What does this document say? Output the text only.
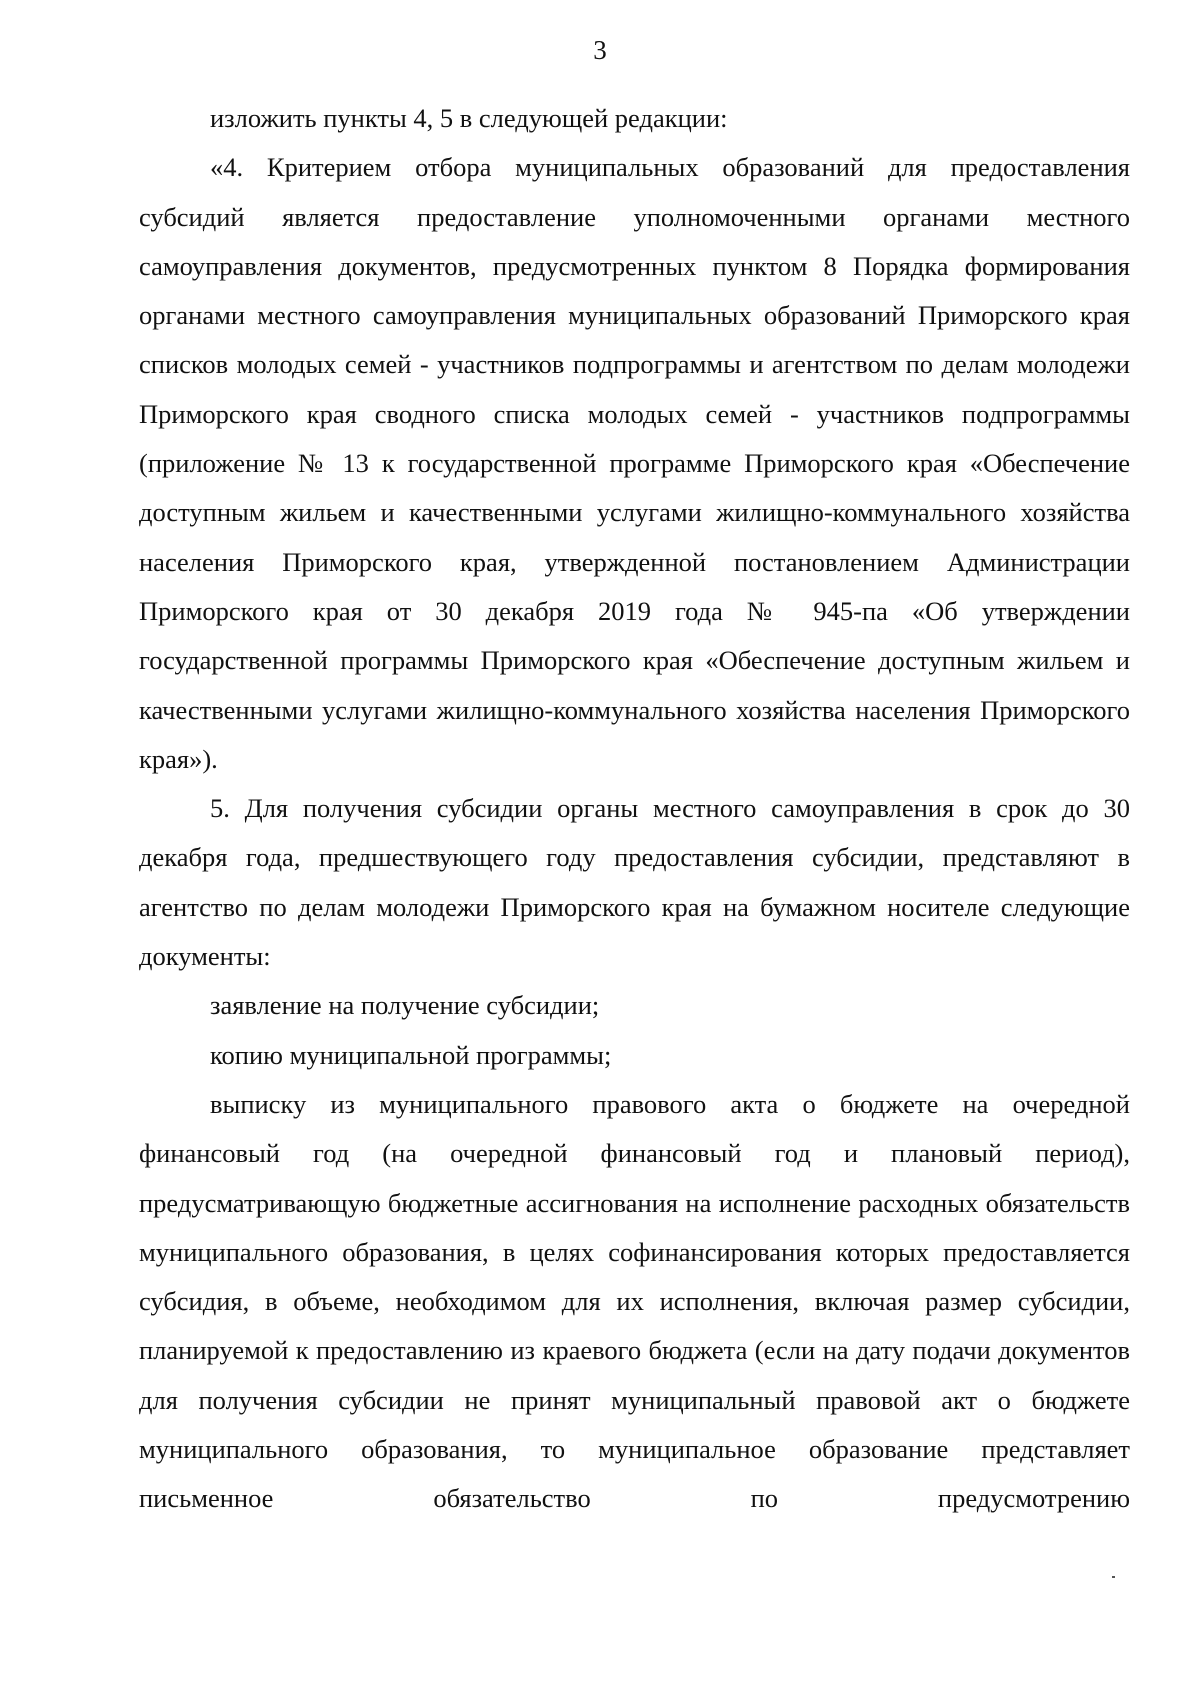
3

изложить пункты 4, 5 в следующей редакции:

«4. Критерием отбора муниципальных образований для предоставления субсидий является предоставление уполномоченными органами местного самоуправления документов, предусмотренных пунктом 8 Порядка формирования органами местного самоуправления муниципальных образований Приморского края списков молодых семей - участников подпрограммы и агентством по делам молодежи Приморского края сводного списка молодых семей - участников подпрограммы (приложение № 13 к государственной программе Приморского края «Обеспечение доступным жильем и качественными услугами жилищно-коммунального хозяйства населения Приморского края, утвержденной постановлением Администрации Приморского края от 30 декабря 2019 года № 945-па «Об утверждении государственной программы Приморского края «Обеспечение доступным жильем и качественными услугами жилищно-коммунального хозяйства населения Приморского края»).

5. Для получения субсидии органы местного самоуправления в срок до 30 декабря года, предшествующего году предоставления субсидии, представляют в агентство по делам молодежи Приморского края на бумажном носителе следующие документы:

заявление на получение субсидии;

копию муниципальной программы;

выписку из муниципального правового акта о бюджете на очередной финансовый год (на очередной финансовый год и плановый период), предусматривающую бюджетные ассигнования на исполнение расходных обязательств муниципального образования, в целях софинансирования которых предоставляется субсидия, в объеме, необходимом для их исполнения, включая размер субсидии, планируемой к предоставлению из краевого бюджета (если на дату подачи документов для получения субсидии не принят муниципальный правовой акт о бюджете муниципального образования, то муниципальное образование представляет письменное обязательство по предусмотрению
